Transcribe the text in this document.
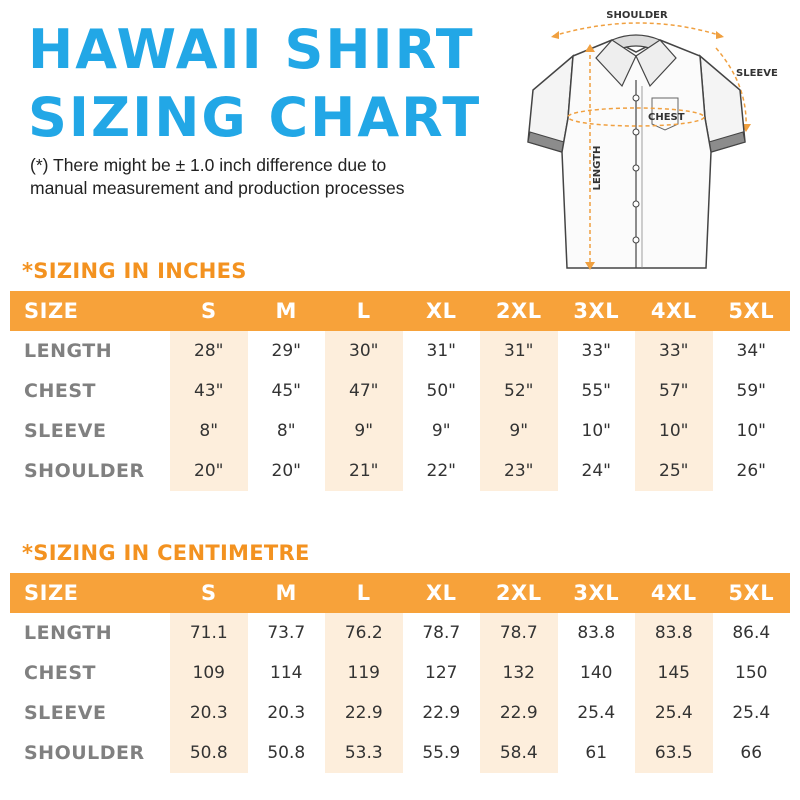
HAWAII SHIRT
SIZING CHART

(*) There might be ± 1.0 inch difference due to
manual measurement and production processes

SHOULDER
SLEEVE
CHEST
LENGTH
*SIZING IN INCHES
SIZE	S	M	L	XL	2XL	3XL	4XL	5XL
LENGTH	28"	29"	30"	31"	31"	33"	33"	34"
CHEST	43"	45"	47"	50"	52"	55"	57"	59"
SLEEVE	8"	8"	9"	9"	9"	10"	10"	10"
SHOULDER	20"	20"	21"	22"	23"	24"	25"	26"
*SIZING IN CENTIMETRE
SIZE	S	M	L	XL	2XL	3XL	4XL	5XL
LENGTH	71.1	73.7	76.2	78.7	78.7	83.8	83.8	86.4
CHEST	109	114	119	127	132	140	145	150
SLEEVE	20.3	20.3	22.9	22.9	22.9	25.4	25.4	25.4
SHOULDER	50.8	50.8	53.3	55.9	58.4	61	63.5	66
